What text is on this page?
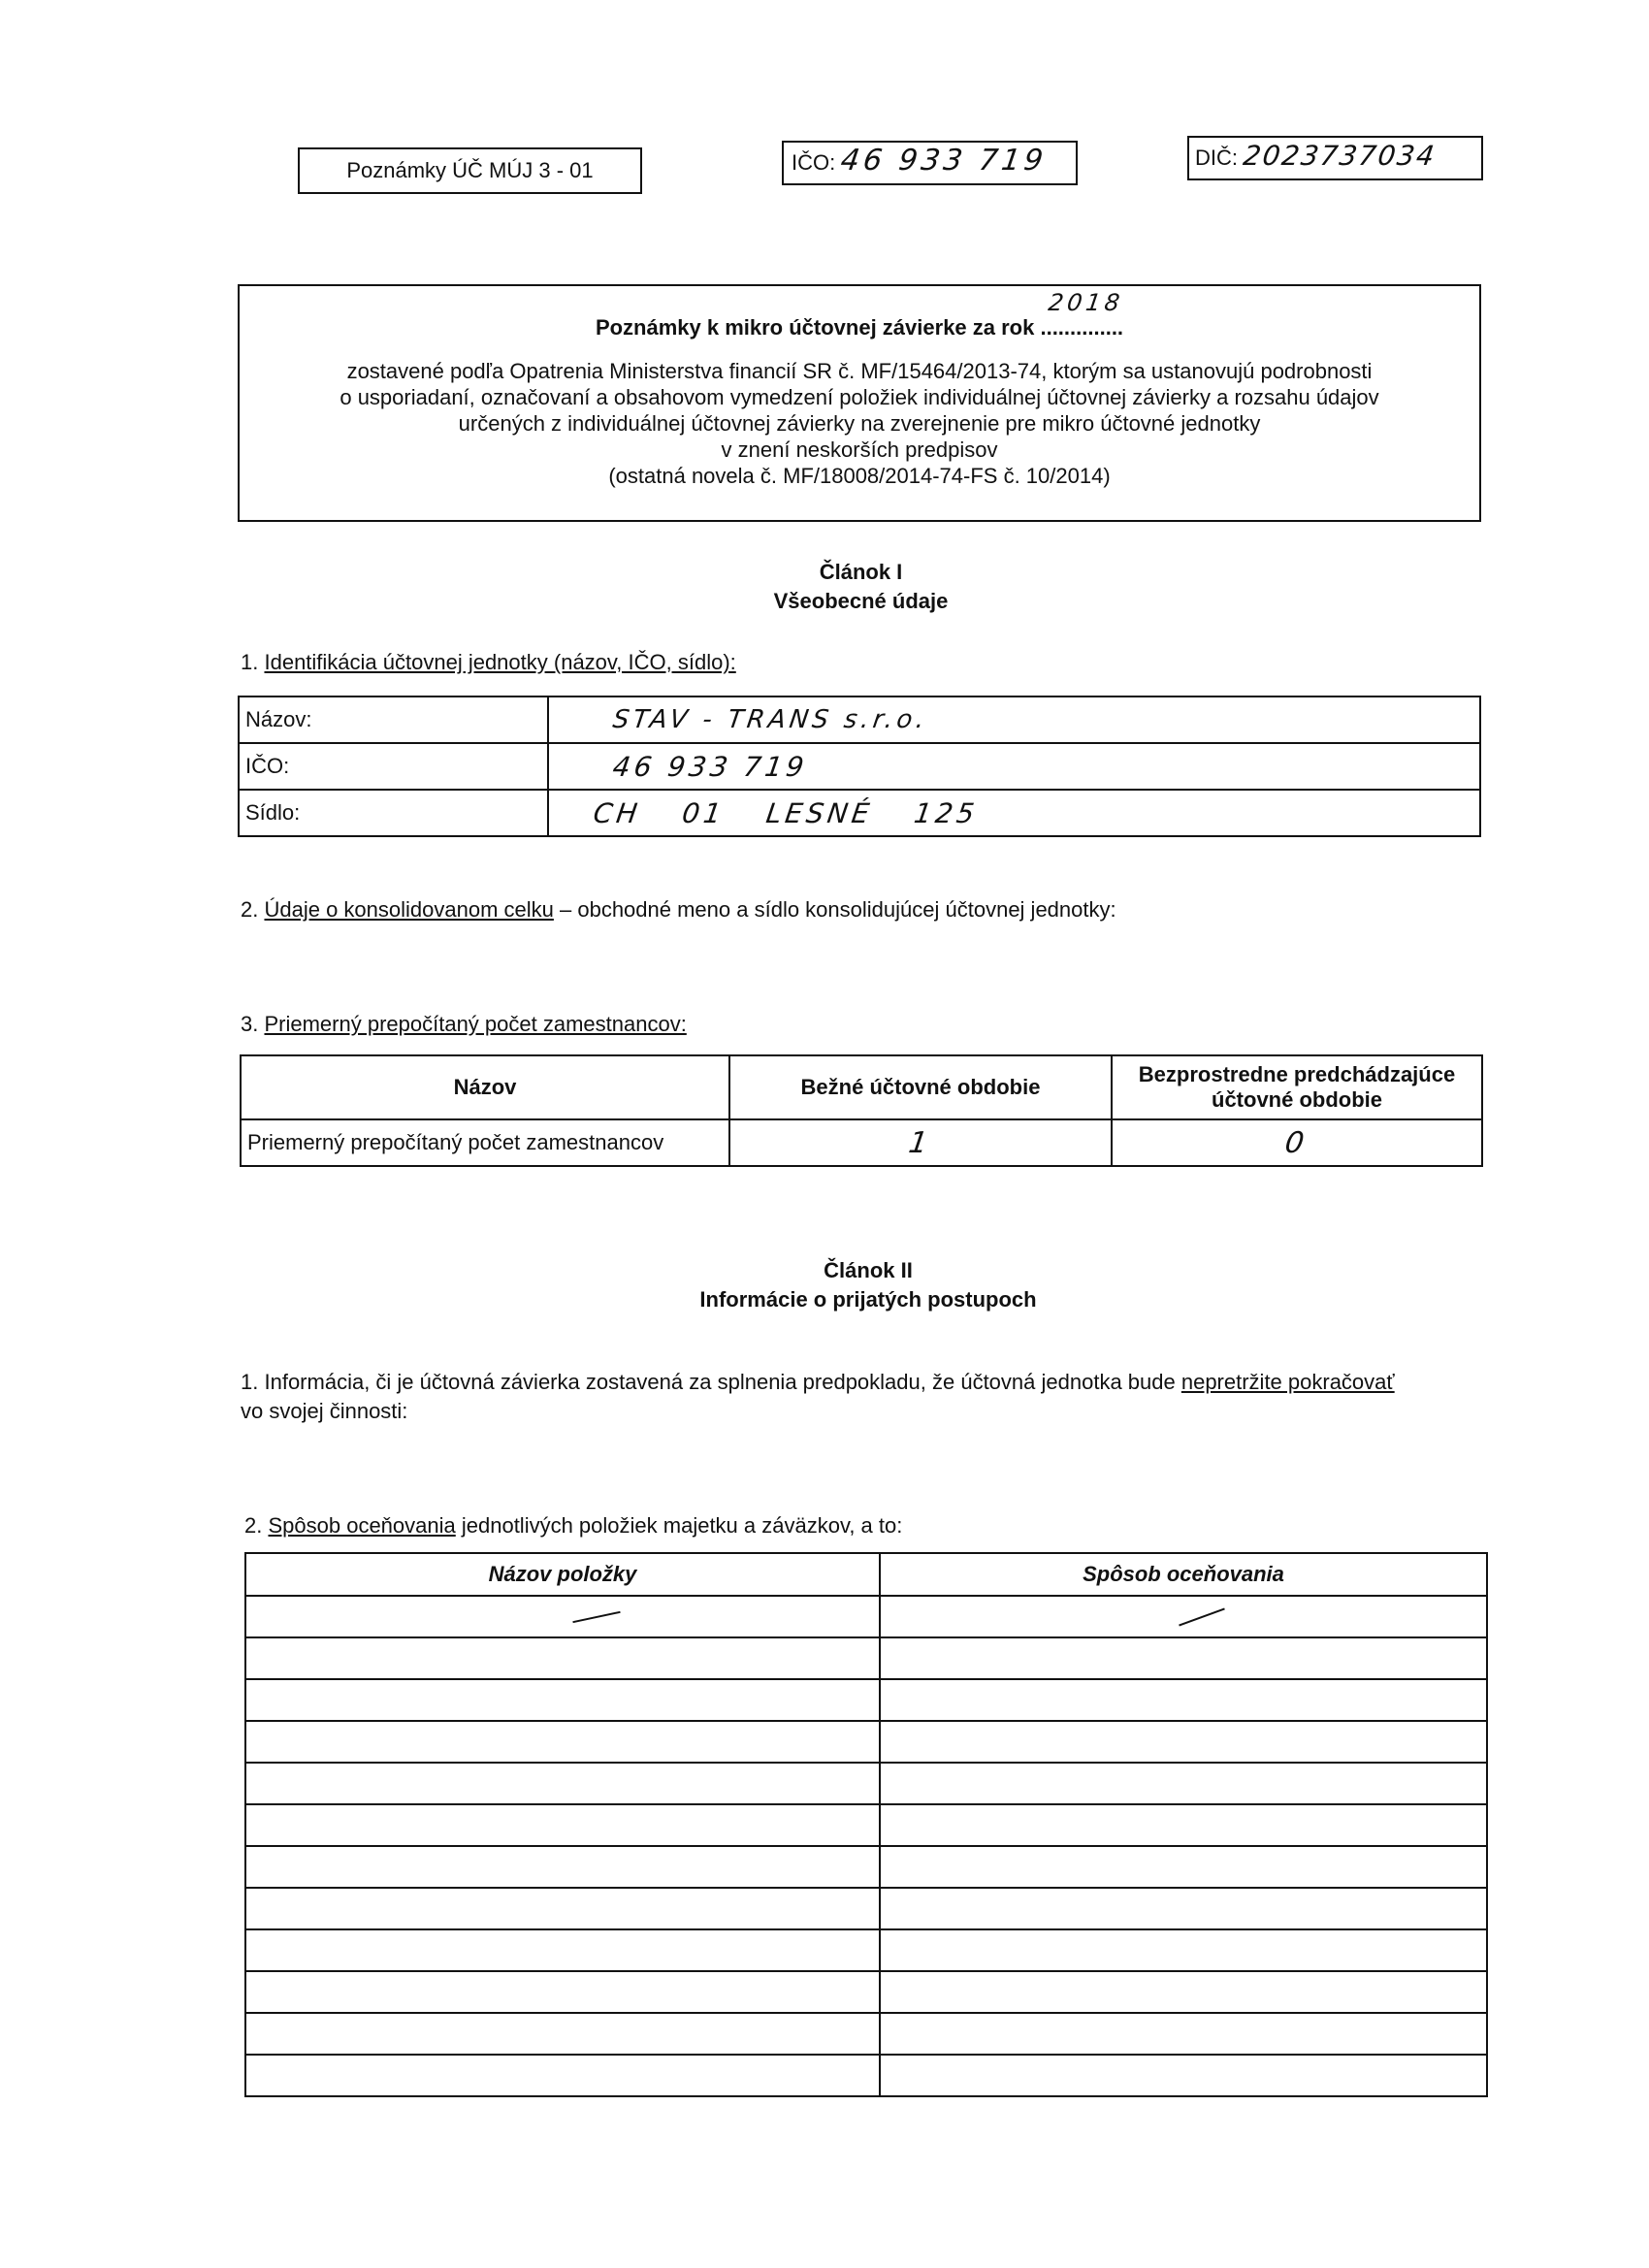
Poznámky ÚČ MÚJ 3 - 01	IČO: 46 933 719	DIČ: 2023737034
Poznámky k mikro účtovnej závierke za rok ..............
2018
zostavené podľa Opatrenia Ministerstva financií SR č. MF/15464/2013-74, ktorým sa ustanovujú podrobnosti
o usporiadaní, označovaní a obsahovom vymedzení položiek individuálnej účtovnej závierky a rozsahu údajov
určených z individuálnej účtovnej závierky na zverejnenie pre mikro účtovné jednotky
v znení neskorších predpisov
(ostatná novela č. MF/18008/2014-74-FS č. 10/2014)
Článok I
Všeobecné údaje
1. Identifikácia účtovnej jednotky (názov, IČO, sídlo):
Názov:	STAV - TRANS s.r.o.
IČO:	46 933 719
Sídlo:	CH 01 LESNÉ 125
2. Údaje o konsolidovanom celku – obchodné meno a sídlo konsolidujúcej účtovnej jednotky:
3. Priemerný prepočítaný počet zamestnancov:
Názov	Bežné účtovné obdobie	Bezprostredne predchádzajúce účtovné obdobie
Priemerný prepočítaný počet zamestnancov	1	0
Článok II
Informácie o prijatých postupoch
1. Informácia, či je účtovná závierka zostavená za splnenia predpokladu, že účtovná jednotka bude nepretržite pokračovať
vo svojej činnosti:
2. Spôsob oceňovania jednotlivých položiek majetku a záväzkov, a to:
Názov položky	Spôsob oceňovania
